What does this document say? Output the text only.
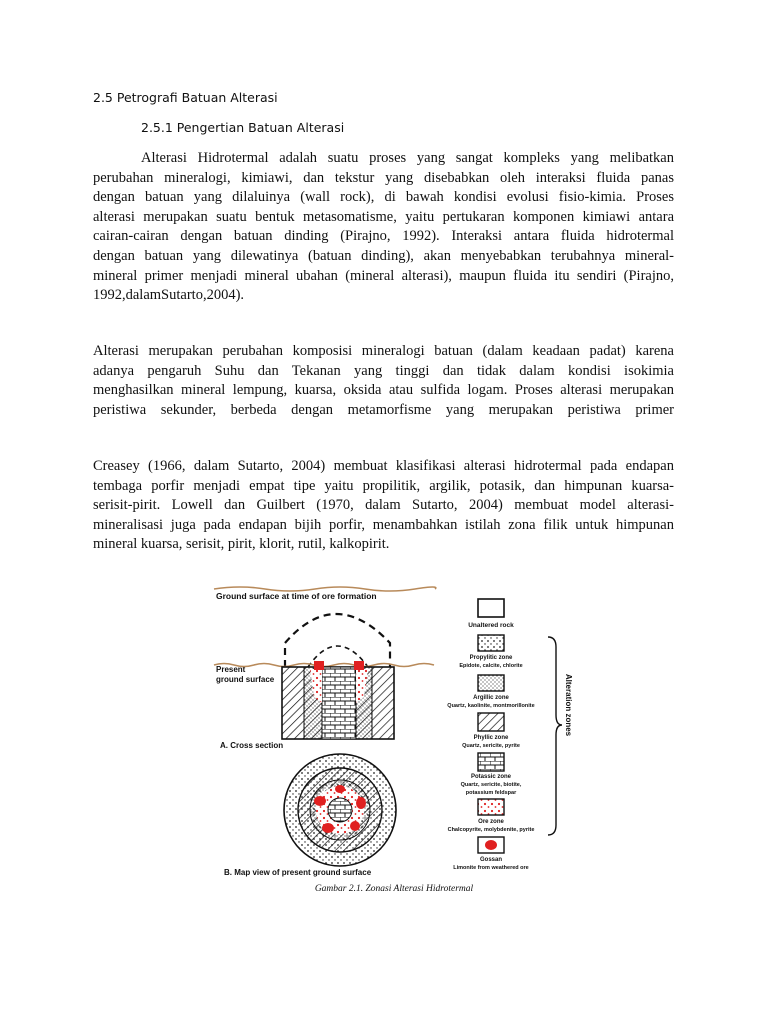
2.5 Petrografi Batuan Alterasi
2.5.1 Pengertian Batuan Alterasi
Alterasi Hidrotermal adalah suatu proses yang sangat kompleks yang melibatkan
perubahan mineralogi, kimiawi, dan tekstur yang disebabkan oleh interaksi fluida panas
dengan batuan yang dilaluinya (wall rock), di bawah kondisi evolusi fisio-kimia. Proses
alterasi merupakan suatu bentuk metasomatisme, yaitu pertukaran komponen kimiawi antara
cairan-cairan dengan batuan dinding (Pirajno, 1992). Interaksi antara fluida hidrotermal
dengan batuan yang dilewatinya (batuan dinding), akan menyebabkan terubahnya mineral-
mineral primer menjadi mineral ubahan (mineral alterasi), maupun fluida itu sendiri (Pirajno,
1992,dalamSutarto,2004).
Alterasi merupakan perubahan komposisi mineralogi batuan (dalam keadaan padat) karena
adanya pengaruh Suhu dan Tekanan yang tinggi dan tidak dalam kondisi isokimia
menghasilkan mineral lempung, kuarsa, oksida atau sulfida logam. Proses alterasi merupakan
peristiwa sekunder, berbeda dengan metamorfisme yang merupakan peristiwa primer
Creasey (1966, dalam Sutarto, 2004) membuat klasifikasi alterasi hidrotermal pada endapan
tembaga porfir menjadi empat tipe yaitu propilitik, argilik, potasik, dan himpunan kuarsa-
serisit-pirit. Lowell dan Guilbert (1970, dalam Sutarto, 2004) membuat model alterasi-
mineralisasi juga pada endapan bijih porfir, menambahkan istilah zona filik untuk himpunan
mineral kuarsa, serisit, pirit, klorit, rutil, kalkopirit.
Ground surface at time of ore formation
Present
ground surface
A. Cross section
B. Map view of present ground surface
Unaltered rock
Propylitic zone
Epidote, calcite, chlorite
Argillic zone
Quartz, kaolinite, montmorillonite
Phyllic zone
Quartz, sericite, pyrite
Potassic zone
Quartz, sericite, biotite,
potassium feldspar
Ore zone
Chalcopyrite, molybdenite, pyrite
Gossan
Limonite from weathered ore
Alteration zones
Gambar 2.1. Zonasi Alterasi Hidrotermal
